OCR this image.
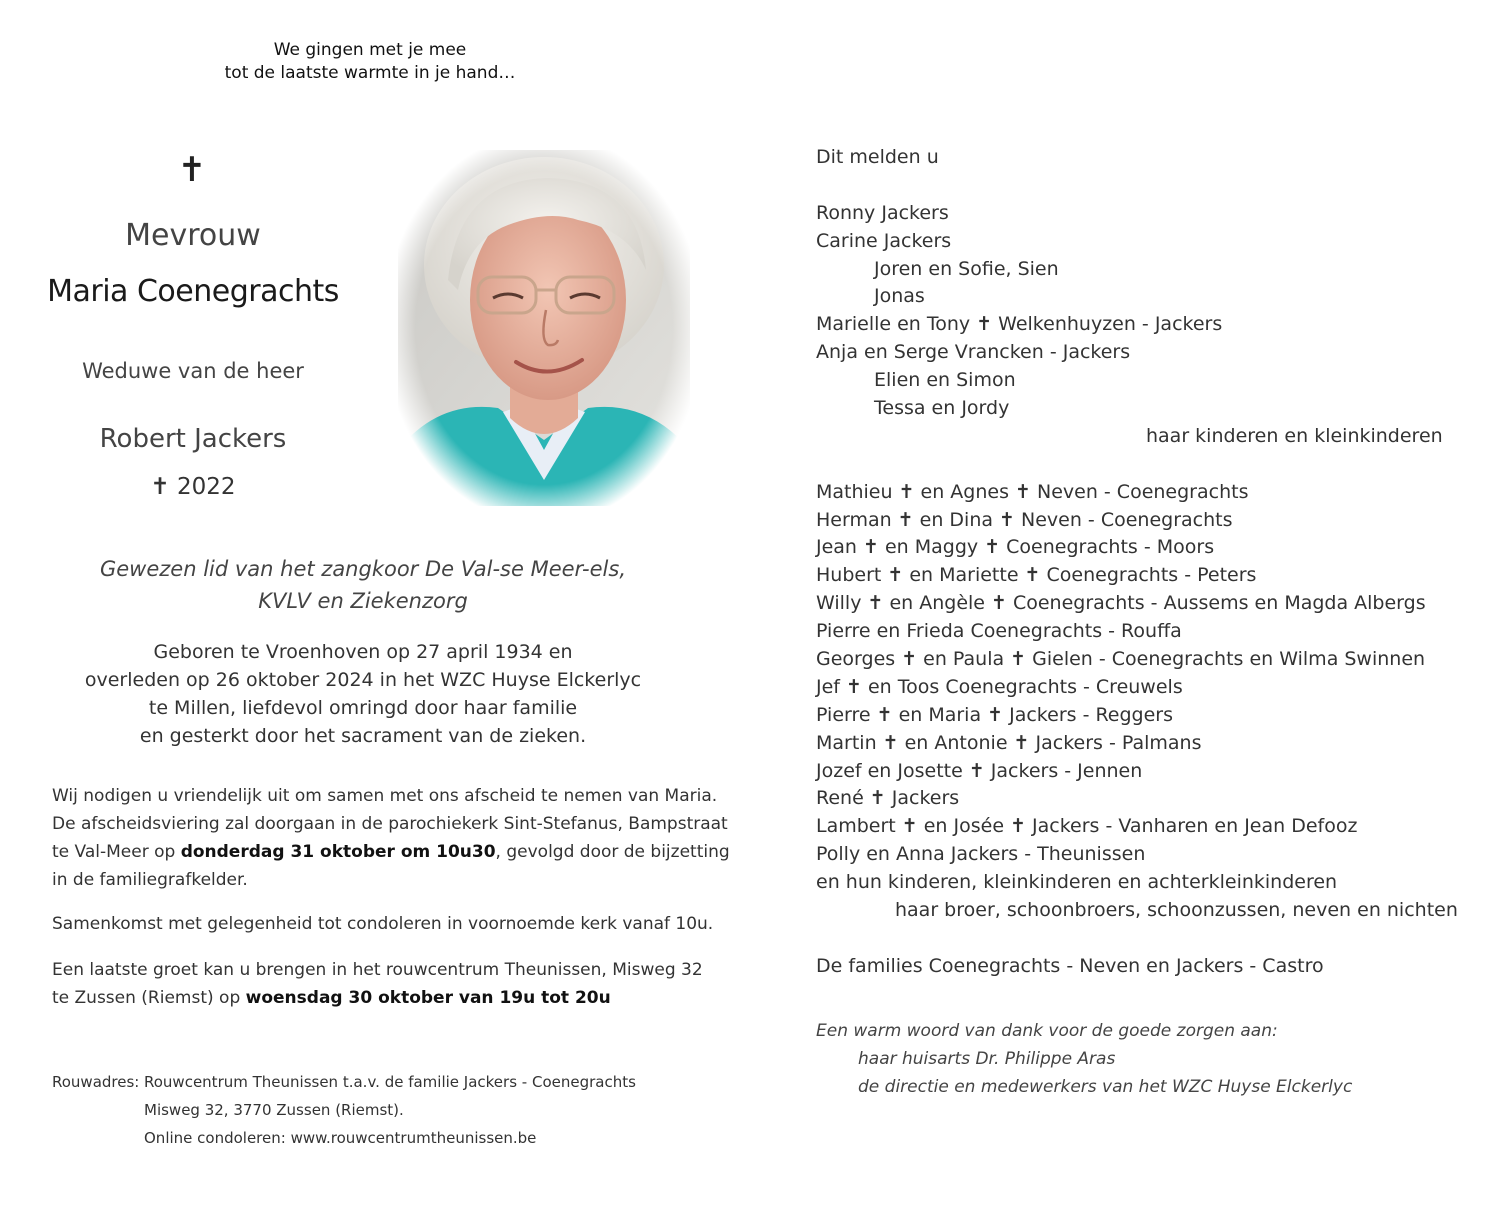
We gingen met je mee
tot de laatste warmte in je hand…
✝
Mevrouw
Maria Coenegrachts
Weduwe van de heer
Robert Jackers
✝ 2022
Gewezen lid van het zangkoor De Val-se Meer-els,
KVLV en Ziekenzorg
Geboren te Vroenhoven op 27 april 1934 en
overleden op 26 oktober 2024 in het WZC Huyse Elckerlyc
te Millen, liefdevol omringd door haar familie
en gesterkt door het sacrament van de zieken.
Wij nodigen u vriendelijk uit om samen met ons afscheid te nemen van Maria.
De afscheidsviering zal doorgaan in de parochiekerk Sint-Stefanus, Bampstraat
te Val-Meer op donderdag 31 oktober om 10u30, gevolgd door de bijzetting
in de familiegrafkelder.
Samenkomst met gelegenheid tot condoleren in voornoemde kerk vanaf 10u.
Een laatste groet kan u brengen in het rouwcentrum Theunissen, Misweg 32
te Zussen (Riemst) op woensdag 30 oktober van 19u tot 20u
Rouwadres: Rouwcentrum Theunissen t.a.v. de familie Jackers - Coenegrachts
Misweg 32, 3770 Zussen (Riemst).
Online condoleren: www.rouwcentrumtheunissen.be
Dit melden u
Ronny Jackers
Carine Jackers
Joren en Sofie, Sien
Jonas
Marielle en Tony ✝ Welkenhuyzen - Jackers
Anja en Serge Vrancken - Jackers
Elien en Simon
Tessa en Jordy
haar kinderen en kleinkinderen
Mathieu ✝ en Agnes ✝ Neven - Coenegrachts
Herman ✝ en Dina ✝ Neven - Coenegrachts
Jean ✝ en Maggy ✝ Coenegrachts - Moors
Hubert ✝ en Mariette ✝ Coenegrachts - Peters
Willy ✝ en Angèle ✝ Coenegrachts - Aussems en Magda Albergs
Pierre en Frieda Coenegrachts - Rouffa
Georges ✝ en Paula ✝ Gielen - Coenegrachts en Wilma Swinnen
Jef ✝ en Toos Coenegrachts - Creuwels
Pierre ✝ en Maria ✝ Jackers - Reggers
Martin ✝ en Antonie ✝ Jackers - Palmans
Jozef en Josette ✝ Jackers - Jennen
René ✝ Jackers
Lambert ✝ en Josée ✝ Jackers - Vanharen en Jean Defooz
Polly en Anna Jackers - Theunissen
en hun kinderen, kleinkinderen en achterkleinkinderen
haar broer, schoonbroers, schoonzussen, neven en nichten
De families Coenegrachts - Neven en Jackers - Castro
Een warm woord van dank voor de goede zorgen aan:
haar huisarts Dr. Philippe Aras
de directie en medewerkers van het WZC Huyse Elckerlyc
